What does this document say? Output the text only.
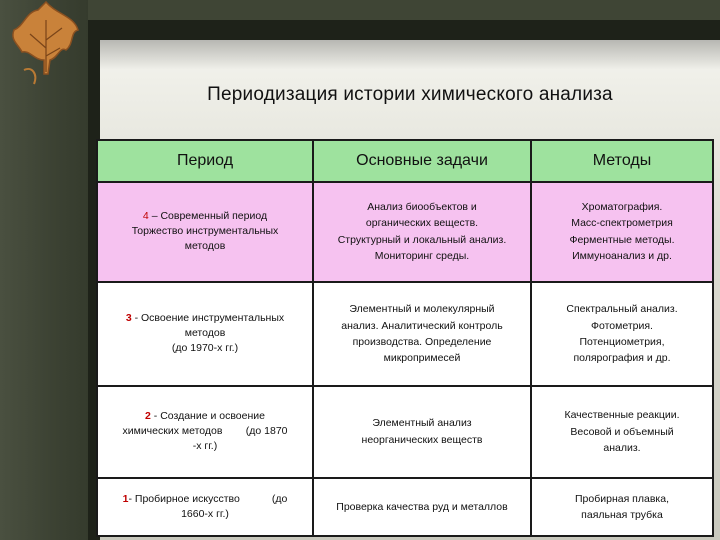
Периодизация истории химического анализа
Период	Основные задачи	Методы
4 – Современный период
Торжество инструментальных
методов	Анализ биообъектов и
органических веществ.
Структурный и локальный анализ.
Мониторинг среды.	Хроматография.
Масс-спектрометрия
Ферментные методы.
Иммуноанализ и др.
3 - Освоение инструментальных
методов
(до 1970-х гг.)	Элементный и молекулярный
анализ. Аналитический контроль
производства. Определение
микропримесей	Спектральный анализ.
Фотометрия.
Потенциометрия,
полярография и др.
2 - Создание и освоение
химических методов        (до 1870
-х гг.)	Элементный анализ
неорганических веществ	Качественные реакции.
Весовой и объемный
анализ.
1- Пробирное искусство           (до
1660-х гг.)	Проверка качества руд и металлов	Пробирная плавка,
паяльная трубка
